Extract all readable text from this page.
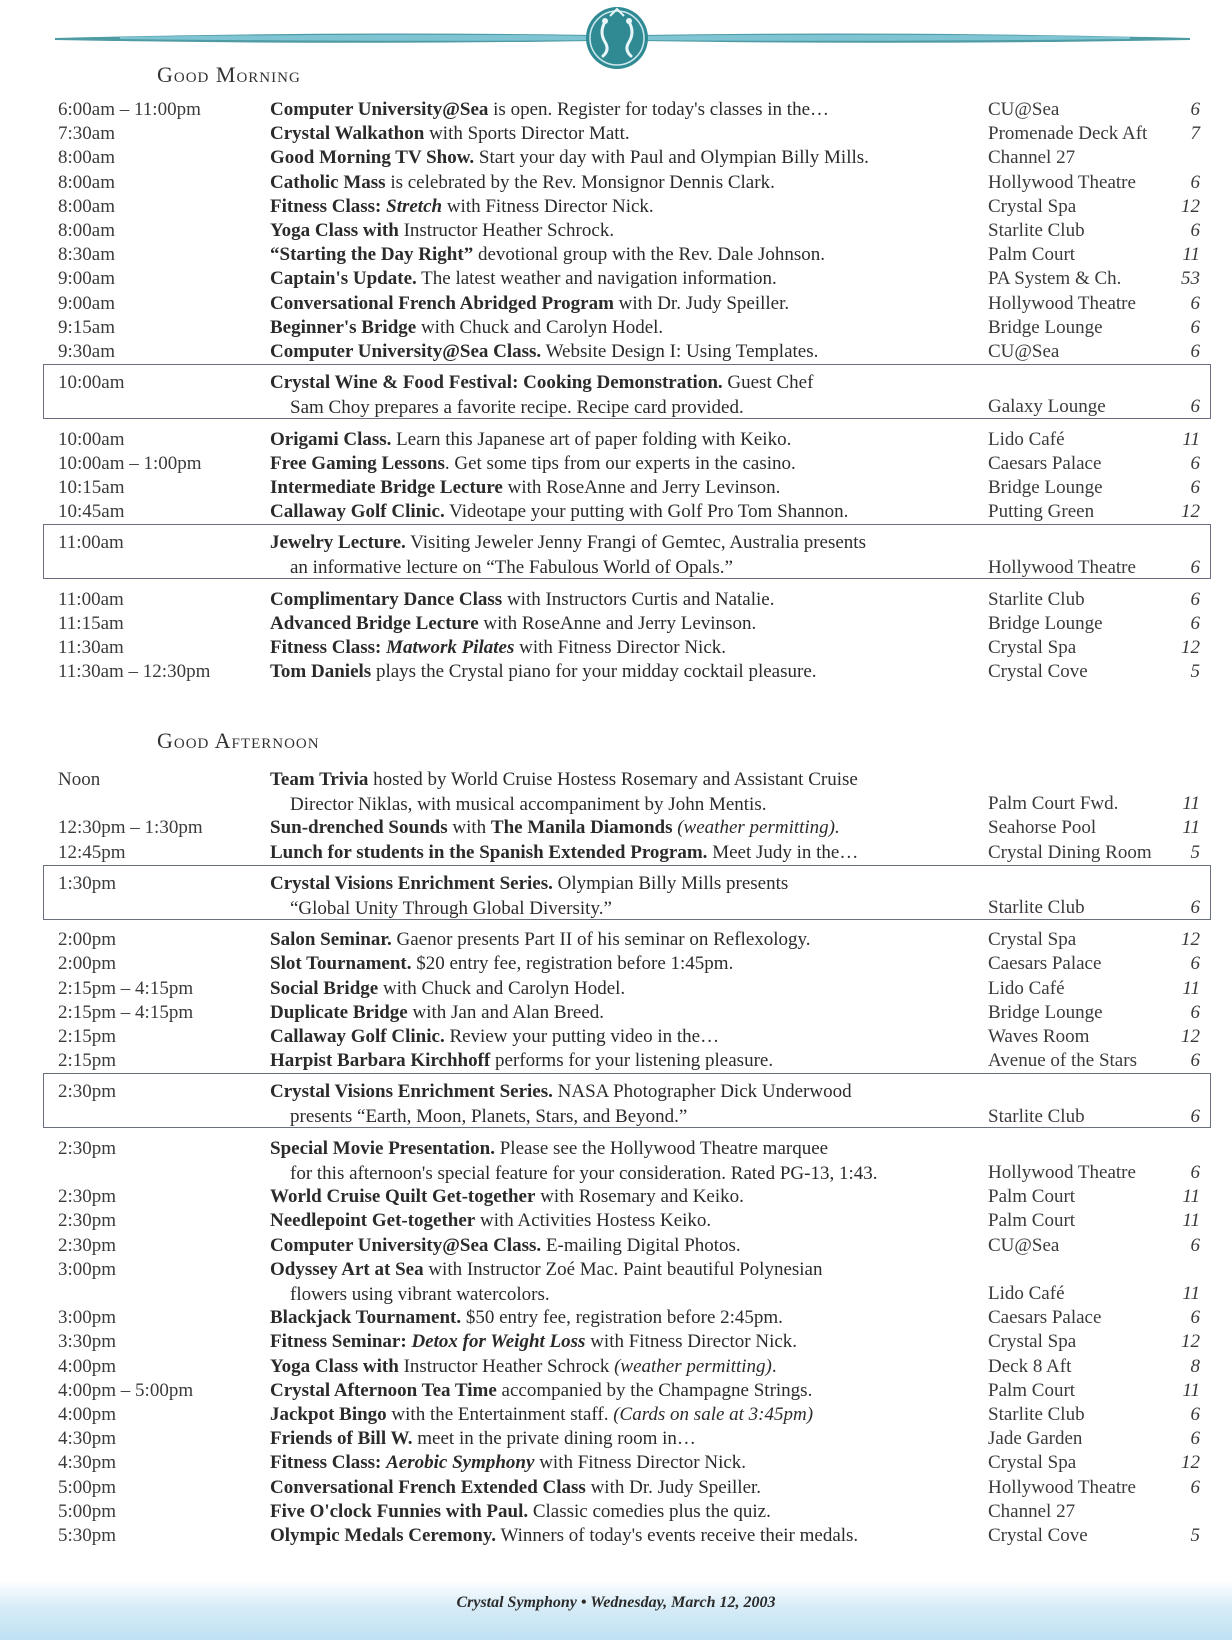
Good Morning
Good Afternoon
6:00am – 11:00pm	Computer University@Sea is open. Register for today's classes in the…	CU@Sea	6
7:30am	Crystal Walkathon with Sports Director Matt.	Promenade Deck Aft	7
8:00am	Good Morning TV Show. Start your day with Paul and Olympian Billy Mills.	Channel 27
8:00am	Catholic Mass is celebrated by the Rev. Monsignor Dennis Clark.	Hollywood Theatre	6
8:00am	Fitness Class: Stretch with Fitness Director Nick.	Crystal Spa	12
8:00am	Yoga Class with Instructor Heather Schrock.	Starlite Club	6
8:30am	“Starting the Day Right” devotional group with the Rev. Dale Johnson.	Palm Court	11
9:00am	Captain's Update. The latest weather and navigation information.	PA System & Ch.	53
9:00am	Conversational French Abridged Program with Dr. Judy Speiller.	Hollywood Theatre	6
9:15am	Beginner's Bridge with Chuck and Carolyn Hodel.	Bridge Lounge	6
9:30am	Computer University@Sea Class. Website Design I: Using Templates.	CU@Sea	6
10:00am	Crystal Wine & Food Festival: Cooking Demonstration. Guest Chef
Sam Choy prepares a favorite recipe. Recipe card provided.	Galaxy Lounge	6
10:00am	Origami Class. Learn this Japanese art of paper folding with Keiko.	Lido Café	11
10:00am – 1:00pm	Free Gaming Lessons. Get some tips from our experts in the casino.	Caesars Palace	6
10:15am	Intermediate Bridge Lecture with RoseAnne and Jerry Levinson.	Bridge Lounge	6
10:45am	Callaway Golf Clinic. Videotape your putting with Golf Pro Tom Shannon.	Putting Green	12
11:00am	Jewelry Lecture. Visiting Jeweler Jenny Frangi of Gemtec, Australia presents
an informative lecture on “The Fabulous World of Opals.”	Hollywood Theatre	6
11:00am	Complimentary Dance Class with Instructors Curtis and Natalie.	Starlite Club	6
11:15am	Advanced Bridge Lecture with RoseAnne and Jerry Levinson.	Bridge Lounge	6
11:30am	Fitness Class: Matwork Pilates with Fitness Director Nick.	Crystal Spa	12
11:30am – 12:30pm	Tom Daniels plays the Crystal piano for your midday cocktail pleasure.	Crystal Cove	5
Noon	Team Trivia hosted by World Cruise Hostess Rosemary and Assistant Cruise
Director Niklas, with musical accompaniment by John Mentis.	Palm Court Fwd.	11
12:30pm – 1:30pm	Sun-drenched Sounds with The Manila Diamonds (weather permitting).	Seahorse Pool	11
12:45pm	Lunch for students in the Spanish Extended Program. Meet Judy in the…	Crystal Dining Room	5
1:30pm	Crystal Visions Enrichment Series. Olympian Billy Mills presents
“Global Unity Through Global Diversity.”	Starlite Club	6
2:00pm	Salon Seminar. Gaenor presents Part II of his seminar on Reflexology.	Crystal Spa	12
2:00pm	Slot Tournament. $20 entry fee, registration before 1:45pm.	Caesars Palace	6
2:15pm – 4:15pm	Social Bridge with Chuck and Carolyn Hodel.	Lido Café	11
2:15pm – 4:15pm	Duplicate Bridge with Jan and Alan Breed.	Bridge Lounge	6
2:15pm	Callaway Golf Clinic. Review your putting video in the…	Waves Room	12
2:15pm	Harpist Barbara Kirchhoff performs for your listening pleasure.	Avenue of the Stars	6
2:30pm	Crystal Visions Enrichment Series. NASA Photographer Dick Underwood
presents “Earth, Moon, Planets, Stars, and Beyond.”	Starlite Club	6
2:30pm	Special Movie Presentation. Please see the Hollywood Theatre marquee
for this afternoon's special feature for your consideration. Rated PG-13, 1:43.	Hollywood Theatre	6
2:30pm	World Cruise Quilt Get-together with Rosemary and Keiko.	Palm Court	11
2:30pm	Needlepoint Get-together with Activities Hostess Keiko.	Palm Court	11
2:30pm	Computer University@Sea Class. E-mailing Digital Photos.	CU@Sea	6
3:00pm	Odyssey Art at Sea with Instructor Zoé Mac. Paint beautiful Polynesian
flowers using vibrant watercolors.	Lido Café	11
3:00pm	Blackjack Tournament. $50 entry fee, registration before 2:45pm.	Caesars Palace	6
3:30pm	Fitness Seminar: Detox for Weight Loss with Fitness Director Nick.	Crystal Spa	12
4:00pm	Yoga Class with Instructor Heather Schrock (weather permitting).	Deck 8 Aft	8
4:00pm – 5:00pm	Crystal Afternoon Tea Time accompanied by the Champagne Strings.	Palm Court	11
4:00pm	Jackpot Bingo with the Entertainment staff. (Cards on sale at 3:45pm)	Starlite Club	6
4:30pm	Friends of Bill W. meet in the private dining room in…	Jade Garden	6
4:30pm	Fitness Class: Aerobic Symphony with Fitness Director Nick.	Crystal Spa	12
5:00pm	Conversational French Extended Class with Dr. Judy Speiller.	Hollywood Theatre	6
5:00pm	Five O'clock Funnies with Paul. Classic comedies plus the quiz.	Channel 27
5:30pm	Olympic Medals Ceremony. Winners of today's events receive their medals.	Crystal Cove	5
Crystal Symphony • Wednesday, March 12, 2003
